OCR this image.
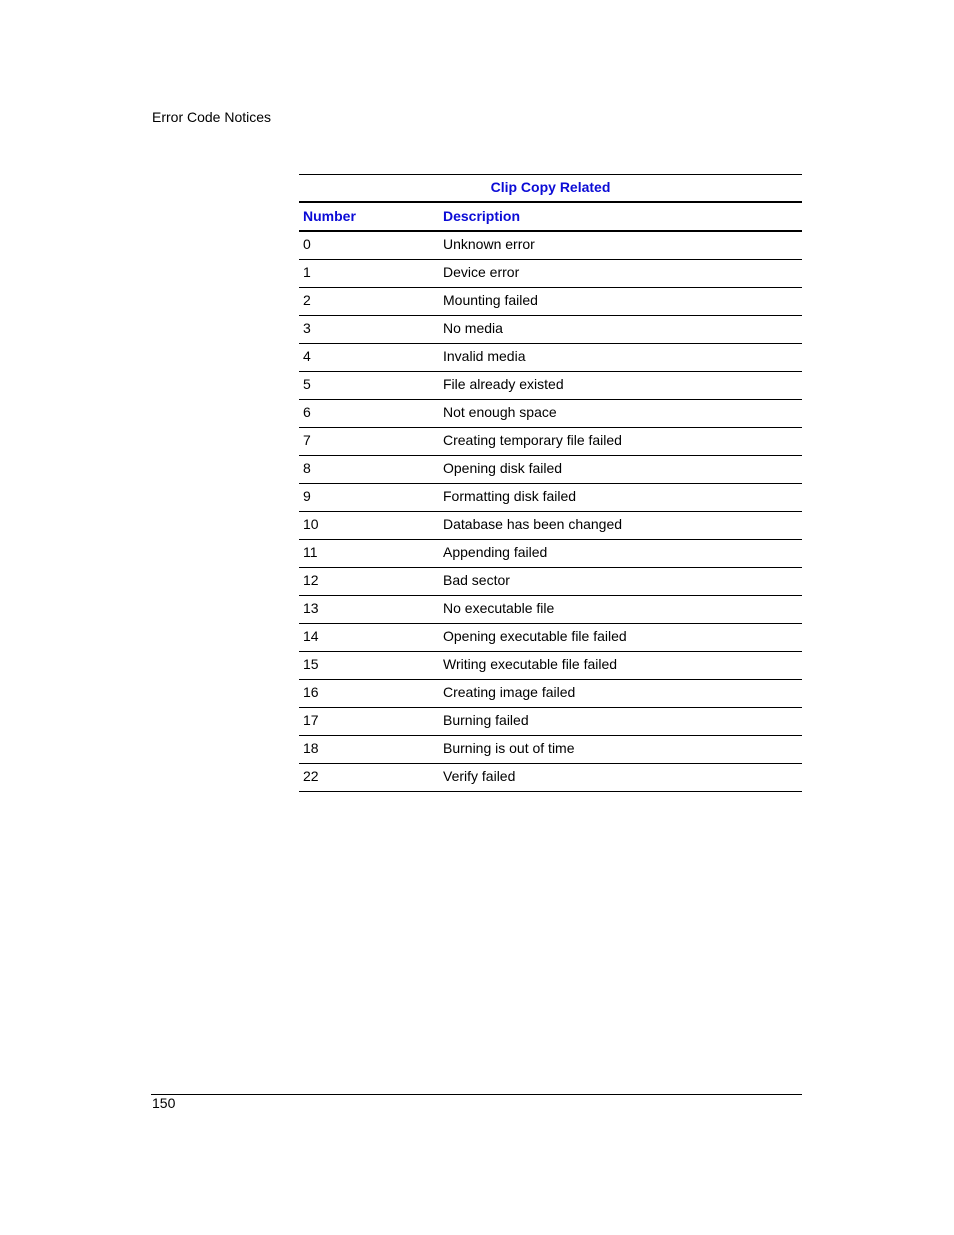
Error Code Notices
Clip Copy Related
Number	Description
0	Unknown error
1	Device error
2	Mounting failed
3	No media
4	Invalid media
5	File already existed
6	Not enough space
7	Creating temporary file failed
8	Opening disk failed
9	Formatting disk failed
10	Database has been changed
11	Appending failed
12	Bad sector
13	No executable file
14	Opening executable file failed
15	Writing executable file failed
16	Creating image failed
17	Burning failed
18	Burning is out of time
22	Verify failed
150
